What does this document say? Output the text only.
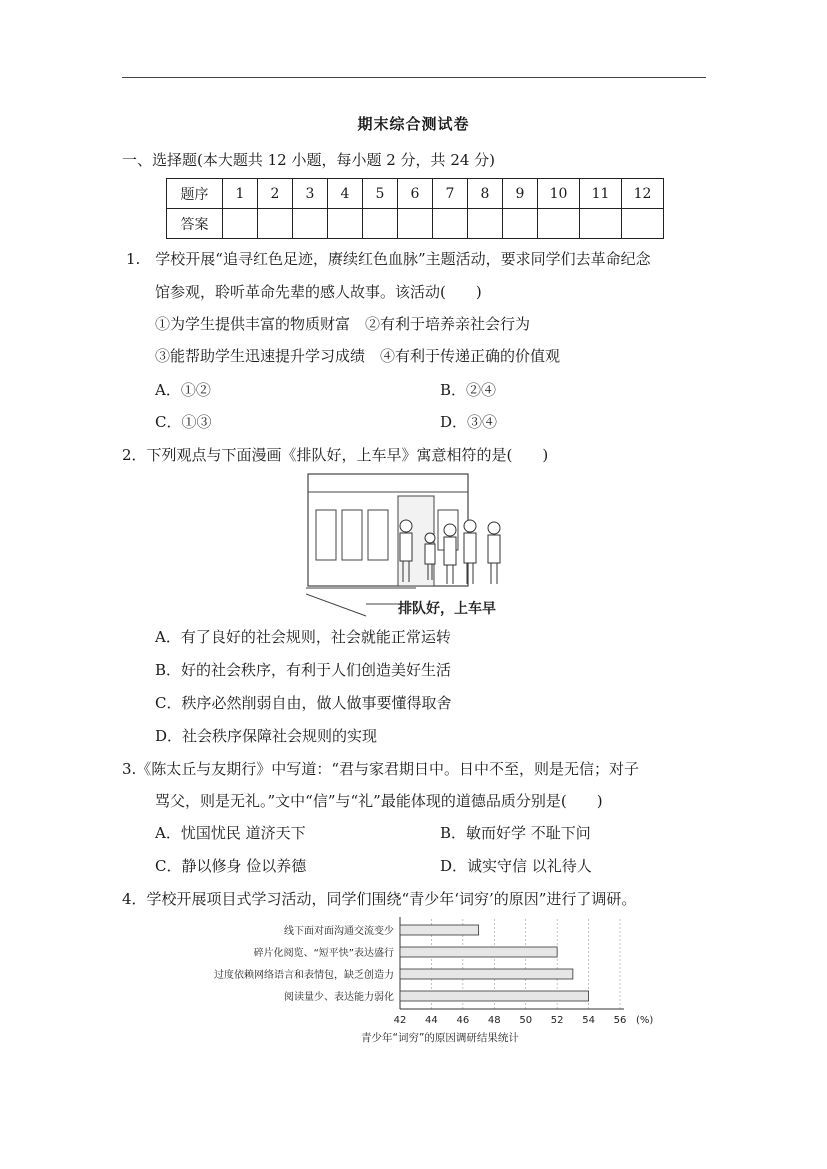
期末综合测试卷
一、选择题(本大题共 12 小题，每小题 2 分，共 24 分)
题序	1	2	3	4	5	6	7	8	9	10	11	12
答案												
1.　学校开展“追寻红色足迹，赓续红色血脉”主题活动，要求同学们去革命纪念
馆参观，聆听革命先辈的感人故事。该活动(　　)
①为学生提供丰富的物质财富　②有利于培养亲社会行为
③能帮助学生迅速提升学习成绩　④有利于传递正确的价值观
A．①②	B．②④
C．①③	D．③④
2．下列观点与下面漫画《排队好，上车早》寓意相符的是(　　)
排队好，上车早
A．有了良好的社会规则，社会就能正常运转
B．好的社会秩序，有利于人们创造美好生活
C．秩序必然削弱自由，做人做事要懂得取舍
D．社会秩序保障社会规则的实现
3.《陈太丘与友期行》中写道：“君与家君期日中。日中不至，则是无信；对子
骂父，则是无礼。”文中“信”与“礼”最能体现的道德品质分别是(　　)
A．忧国忧民 道济天下	B．敏而好学 不耻下问
C．静以修身 俭以养德	D．诚实守信 以礼待人
4．学校开展项目式学习活动，同学们围绕“青少年‘词穷’的原因”进行了调研。
42 44 46 48 50 52 54 56 (%)
线下面对面沟通交流变少
碎片化阅览、“短平快”表达盛行
过度依赖网络语言和表情包，缺乏创造力
阅读量少、表达能力弱化
青少年“词穷”的原因调研结果统计
